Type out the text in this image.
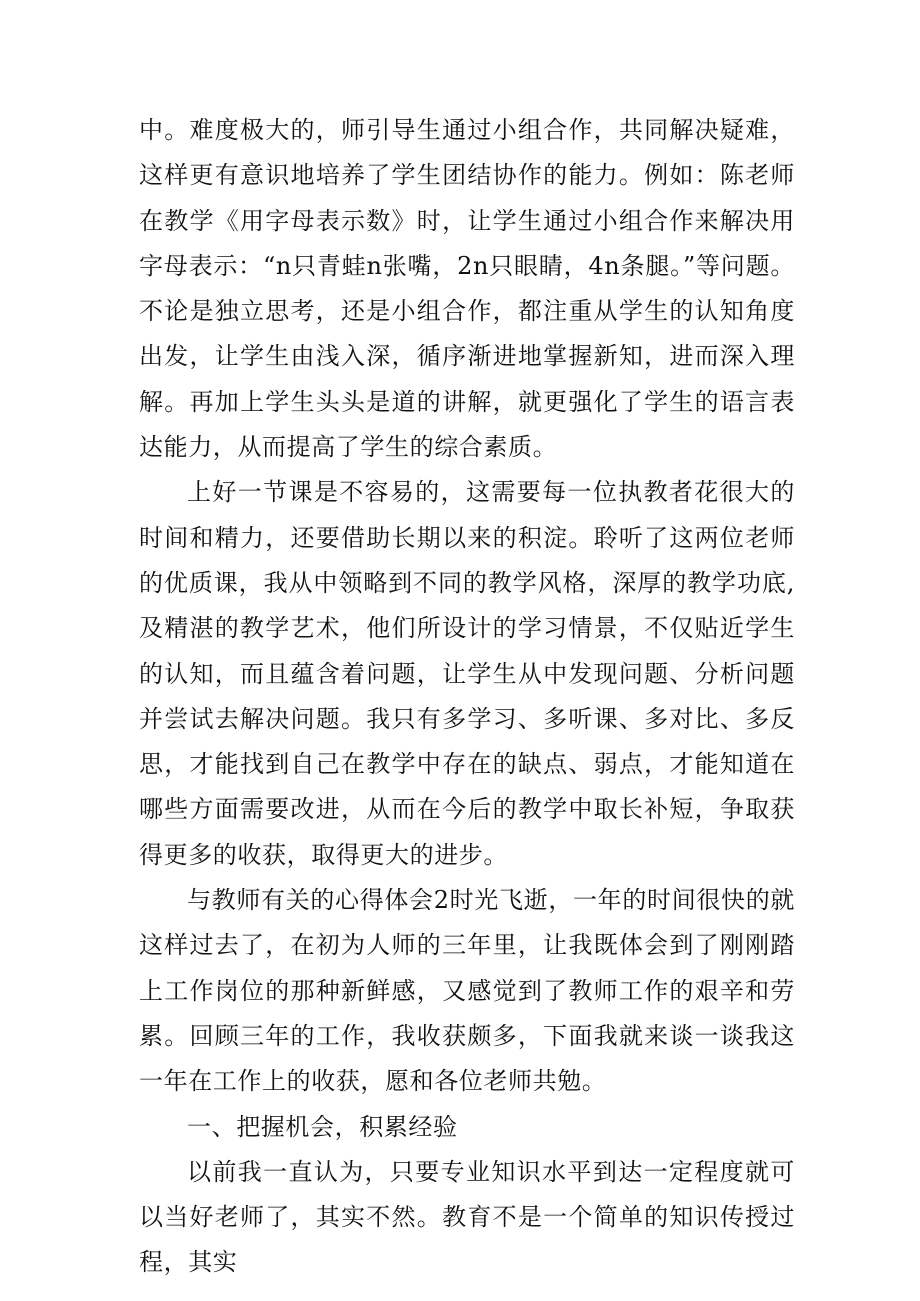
中。难度极大的，师引导生通过小组合作，共同解决疑难，这样更有意识地培养了学生团结协作的能力。例如：陈老师在教学《用字母表示数》时，让学生通过小组合作来解决用字母表示：“n只青蛙n张嘴，2n只眼睛，4n条腿。”等问题。不论是独立思考，还是小组合作，都注重从学生的认知角度出发，让学生由浅入深，循序渐进地掌握新知，进而深入理解。再加上学生头头是道的讲解，就更强化了学生的语言表达能力，从而提高了学生的综合素质。

上好一节课是不容易的，这需要每一位执教者花很大的时间和精力，还要借助长期以来的积淀。聆听了这两位老师的优质课，我从中领略到不同的教学风格，深厚的教学功底,及精湛的教学艺术，他们所设计的学习情景，不仅贴近学生的认知，而且蕴含着问题，让学生从中发现问题、分析问题并尝试去解决问题。我只有多学习、多听课、多对比、多反思，才能找到自己在教学中存在的缺点、弱点，才能知道在哪些方面需要改进，从而在今后的教学中取长补短，争取获得更多的收获，取得更大的进步。

与教师有关的心得体会2时光飞逝，一年的时间很快的就这样过去了，在初为人师的三年里，让我既体会到了刚刚踏上工作岗位的那种新鲜感，又感觉到了教师工作的艰辛和劳累。回顾三年的工作，我收获颇多，下面我就来谈一谈我这一年在工作上的收获，愿和各位老师共勉。

一、把握机会，积累经验

以前我一直认为，只要专业知识水平到达一定程度就可以当好老师了，其实不然。教育不是一个简单的知识传授过程，其实
